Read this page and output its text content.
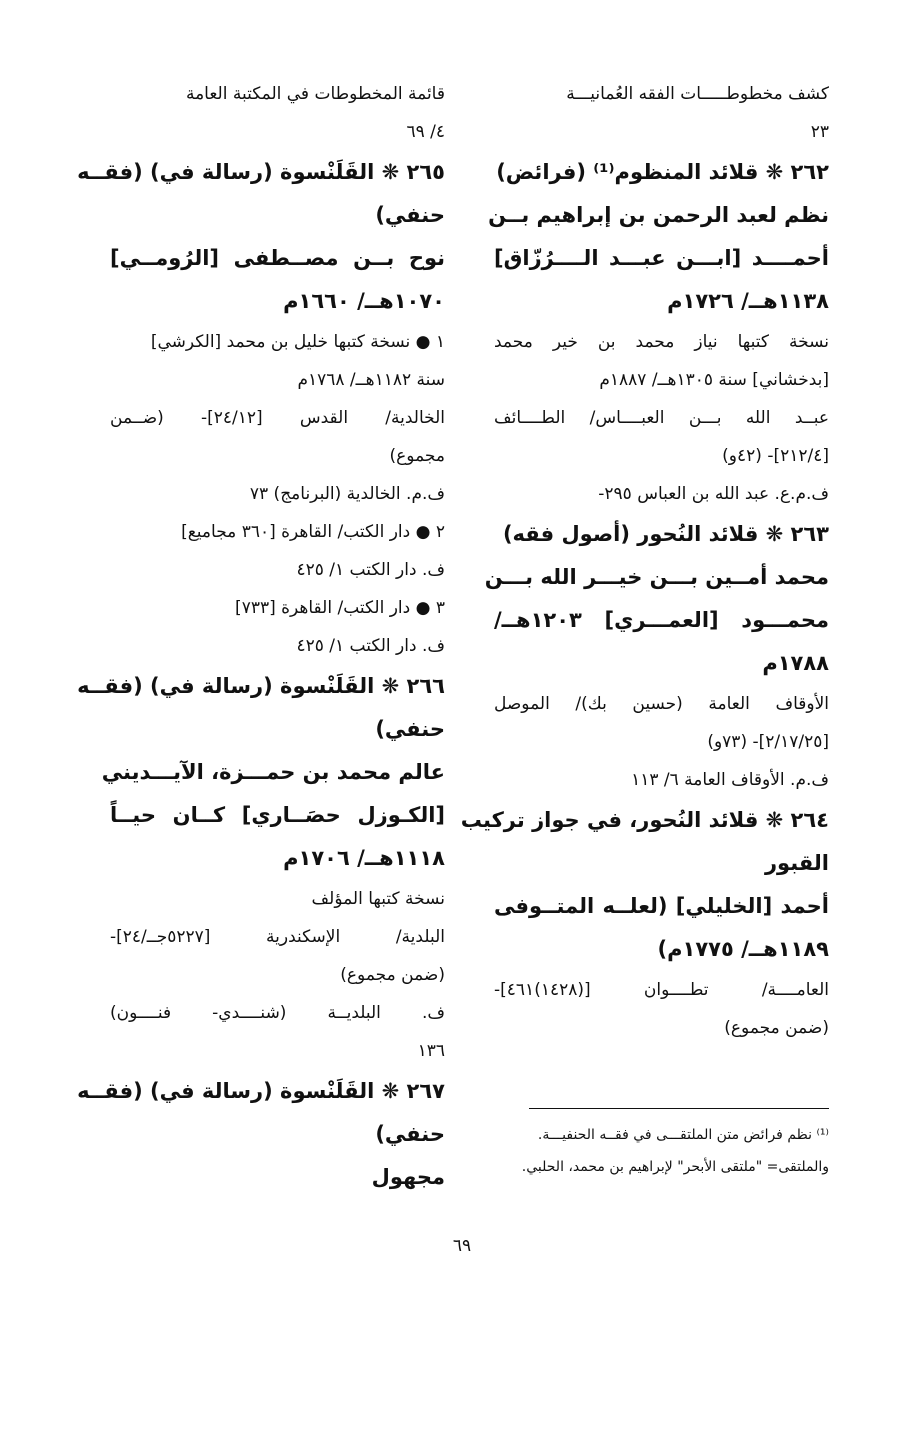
كشف مخطوطـــــات الفقه العُمانيـــة
٢٣
٢٦٢ ❋ قلائد المنظوم⁽¹⁾ (فرائض)
نظم لعبد الرحمن بن إبراهيم بــن
أحمــــد [ابـــن عبـــد الــــرُزّاق]
١١٣٨هــ/ ١٧٢٦م
نسخة كتبها نياز محمد بن خير محمد
[بدخشاني] سنة ١٣٠٥هــ/ ١٨٨٧م
عبــد الله بـــن العبــــاس/ الطــــائف
[٢١٢/٤]- (٤٢و)
ف.م.ع. عبد الله بن العباس ٢٩٥-
٢٦٣ ❋ قلائد النُحور (أصول فقه)
محمد أمــين بـــن خيـــر الله بـــن
محمـــود [العمـــري] ١٢٠٣هــ/
١٧٨٨م
الأوقاف العامة (حسين بك)/ الموصل
[٢/١٧/٢٥]- (٧٣و)
ف.م. الأوقاف العامة ٦/ ١١٣
٢٦٤ ❋ قلائد النُحور، في جواز تركيب
القبور
أحمد [الخليلي] (لعلــه المتــوفى
١١٨٩هــ/ ١٧٧٥م)
العامــــة/ تطــــوان [(١٤٢٨)٤٦١]-
(ضمن مجموع)
قائمة المخطوطات في المكتبة العامة
٤/ ٦٩
٢٦٥ ❋ القَلَنْسوة (رسالة في) (فقــه
حنفي)
نوح بــن مصــطفى [الرُومــي]
١٠٧٠هــ/ ١٦٦٠م
١ ● نسخة كتبها خليل بن محمد [الكرشي]
سنة ١١٨٢هــ/ ١٧٦٨م
الخالدية/ القدس [٢٤/١٢]- (ضــمن
مجموع)
ف.م. الخالدية (البرنامج) ٧٣
٢ ● دار الكتب/ القاهرة [٣٦٠ مجاميع]
ف. دار الكتب ١/ ٤٢٥
٣ ● دار الكتب/ القاهرة [٧٣٣]
ف. دار الكتب ١/ ٤٢٥
٢٦٦ ❋ القَلَنْسوة (رسالة في) (فقــه
حنفي)
عالم محمد بن حمـــزة، الآيـــديني
[الكـوزل حصَــاري] كــان حيــاً
١١١٨هــ/ ١٧٠٦م
نسخة كتبها المؤلف
البلدية/ الإسكندرية [٥٢٢٧جــ/٢٤]-
(ضمن مجموع)
ف. البلديــة (شنــــدي- فنــــون)
١٣٦
٢٦٧ ❋ القَلَنْسوة (رسالة في) (فقــه
حنفي)
مجهول
⁽¹⁾ نظم فرائض متن الملتقـــى في فقــه الحنفيـــة.
والملتقى= "ملتقى الأبحر" لإبراهيم بن محمد، الحلبي.
٦٩
